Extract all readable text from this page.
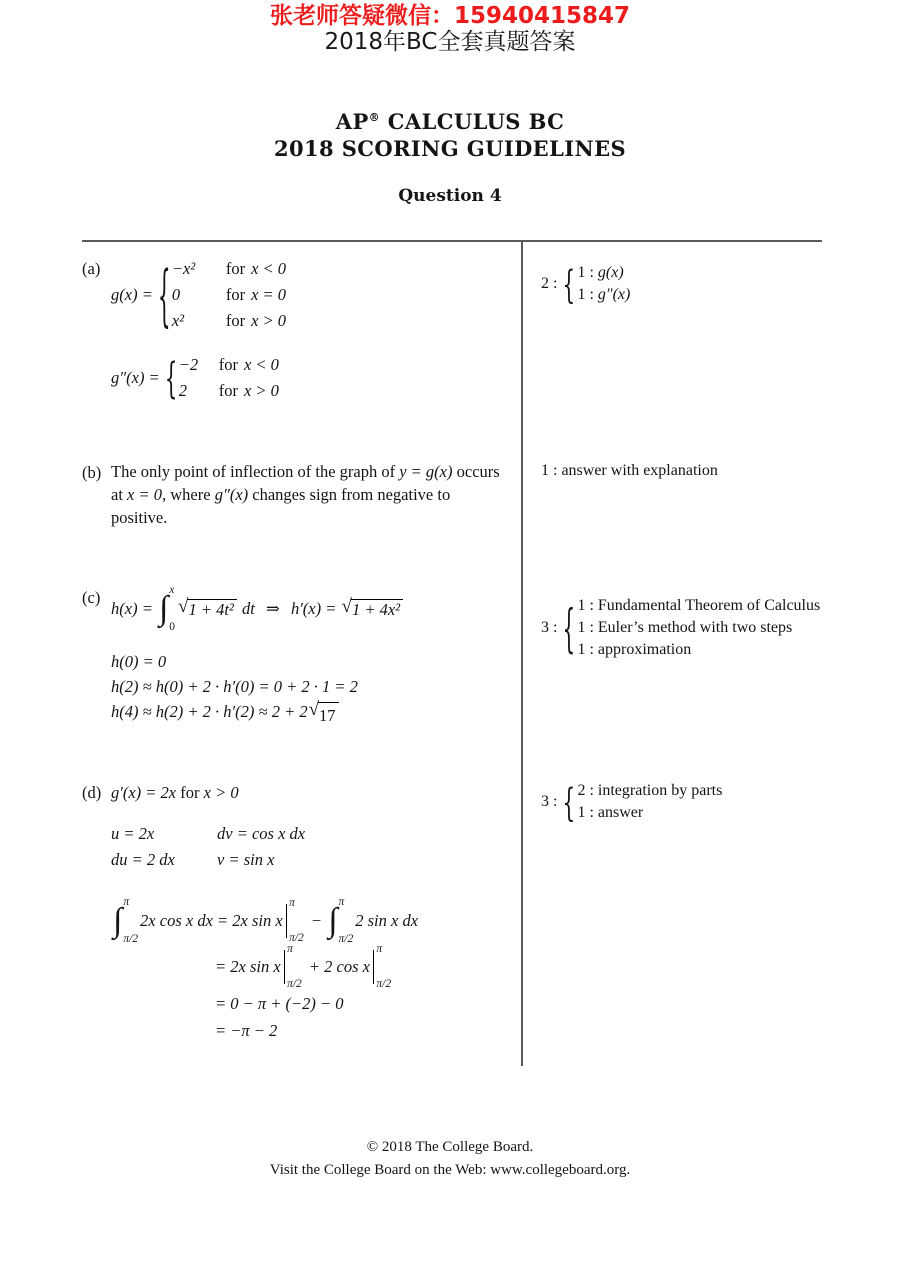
张老师答疑微信：15940415847
2018年BC全套真题答案
AP® CALCULUS BC
2018 SCORING GUIDELINES
Question 4
(a)
g(x) = { −x²	for x < 0
0	for x = 0
x²	for x > 0
g″(x) = { −2	for x < 0
2	for x > 0
2 : { 1 : g(x)
1 : g″(x)
(b) The only point of inflection of the graph of y = g(x) occurs at x = 0, where g″(x) changes sign from negative to positive.
1 : answer with explanation
(c)
h(x) = ∫ x
0
√ 1 + 4t² dt ⇒ h′(x) = √ 1 + 4x²
h(0) = 0
h(2) ≈ h(0) + 2 · h′(0) = 0 + 2 · 1 = 2
h(4) ≈ h(2) + 2 · h′(2) ≈ 2 + 2 √ 17
3 : { 1 : Fundamental Theorem of Calculus
1 : Euler’s method with two steps
1 : approximation
(d) g′(x) = 2x for x > 0
u = 2x	dv = cos x dx
du = 2 dx	v = sin x
∫ π
π/2
2x cos x dx = 2x sin x
π
π/2
− ∫ π
π/2
2 sin x dx
= 2x sin x
π
π/2
+ 2 cos x
π
π/2
= 0 − π + (−2) − 0
= −π − 2
3 : { 2 : integration by parts
1 : answer
© 2018 The College Board.
Visit the College Board on the Web: www.collegeboard.org.
